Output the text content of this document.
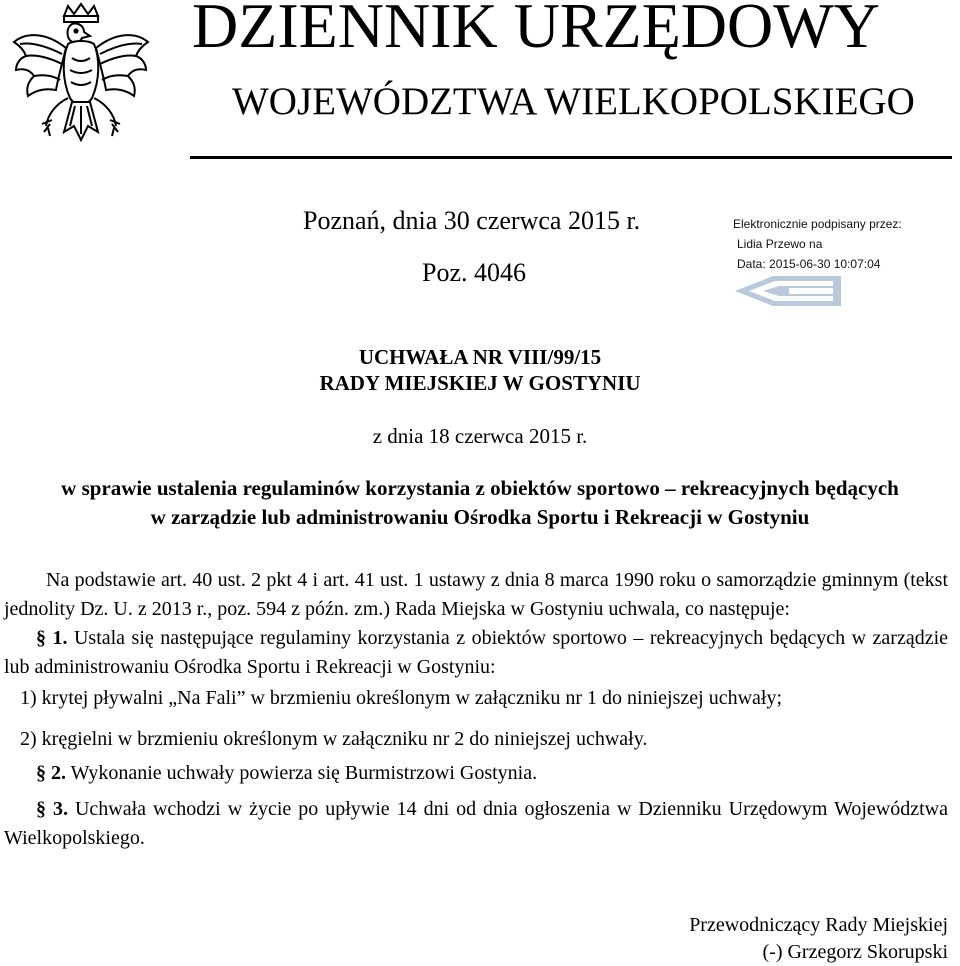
DZIENNIK URZĘDOWY
WOJEWÓDZTWA WIELKOPOLSKIEGO
Poznań, dnia 30 czerwca 2015 r.
Poz. 4046
Elektronicznie podpisany przez:
Lidia Przewo na
Data: 2015-06-30 10:07:04
UCHWAŁA NR VIII/99/15
RADY MIEJSKIEJ W GOSTYNIU
z dnia 18 czerwca 2015 r.
w sprawie ustalenia regulaminów korzystania z obiektów sportowo – rekreacyjnych będących
w zarządzie lub administrowaniu Ośrodka Sportu i Rekreacji w Gostyniu
Na podstawie art. 40 ust. 2 pkt 4 i art. 41 ust. 1 ustawy z dnia 8 marca 1990 roku o samorządzie gminnym (tekst jednolity Dz. U. z 2013 r., poz. 594 z późn. zm.) Rada Miejska w Gostyniu uchwala, co następuje:
§ 1. Ustala się następujące regulaminy korzystania z obiektów sportowo – rekreacyjnych będących w zarządzie lub administrowaniu Ośrodka Sportu i Rekreacji w Gostyniu:
1) krytej pływalni „Na Fali” w brzmieniu określonym w załączniku nr 1 do niniejszej uchwały;
2) kręgielni w brzmieniu określonym w załączniku nr 2 do niniejszej uchwały.
§ 2. Wykonanie uchwały powierza się Burmistrzowi Gostynia.
§ 3. Uchwała wchodzi w życie po upływie 14 dni od dnia ogłoszenia w Dzienniku Urzędowym Województwa Wielkopolskiego.
Przewodniczący Rady Miejskiej
(-) Grzegorz Skorupski
